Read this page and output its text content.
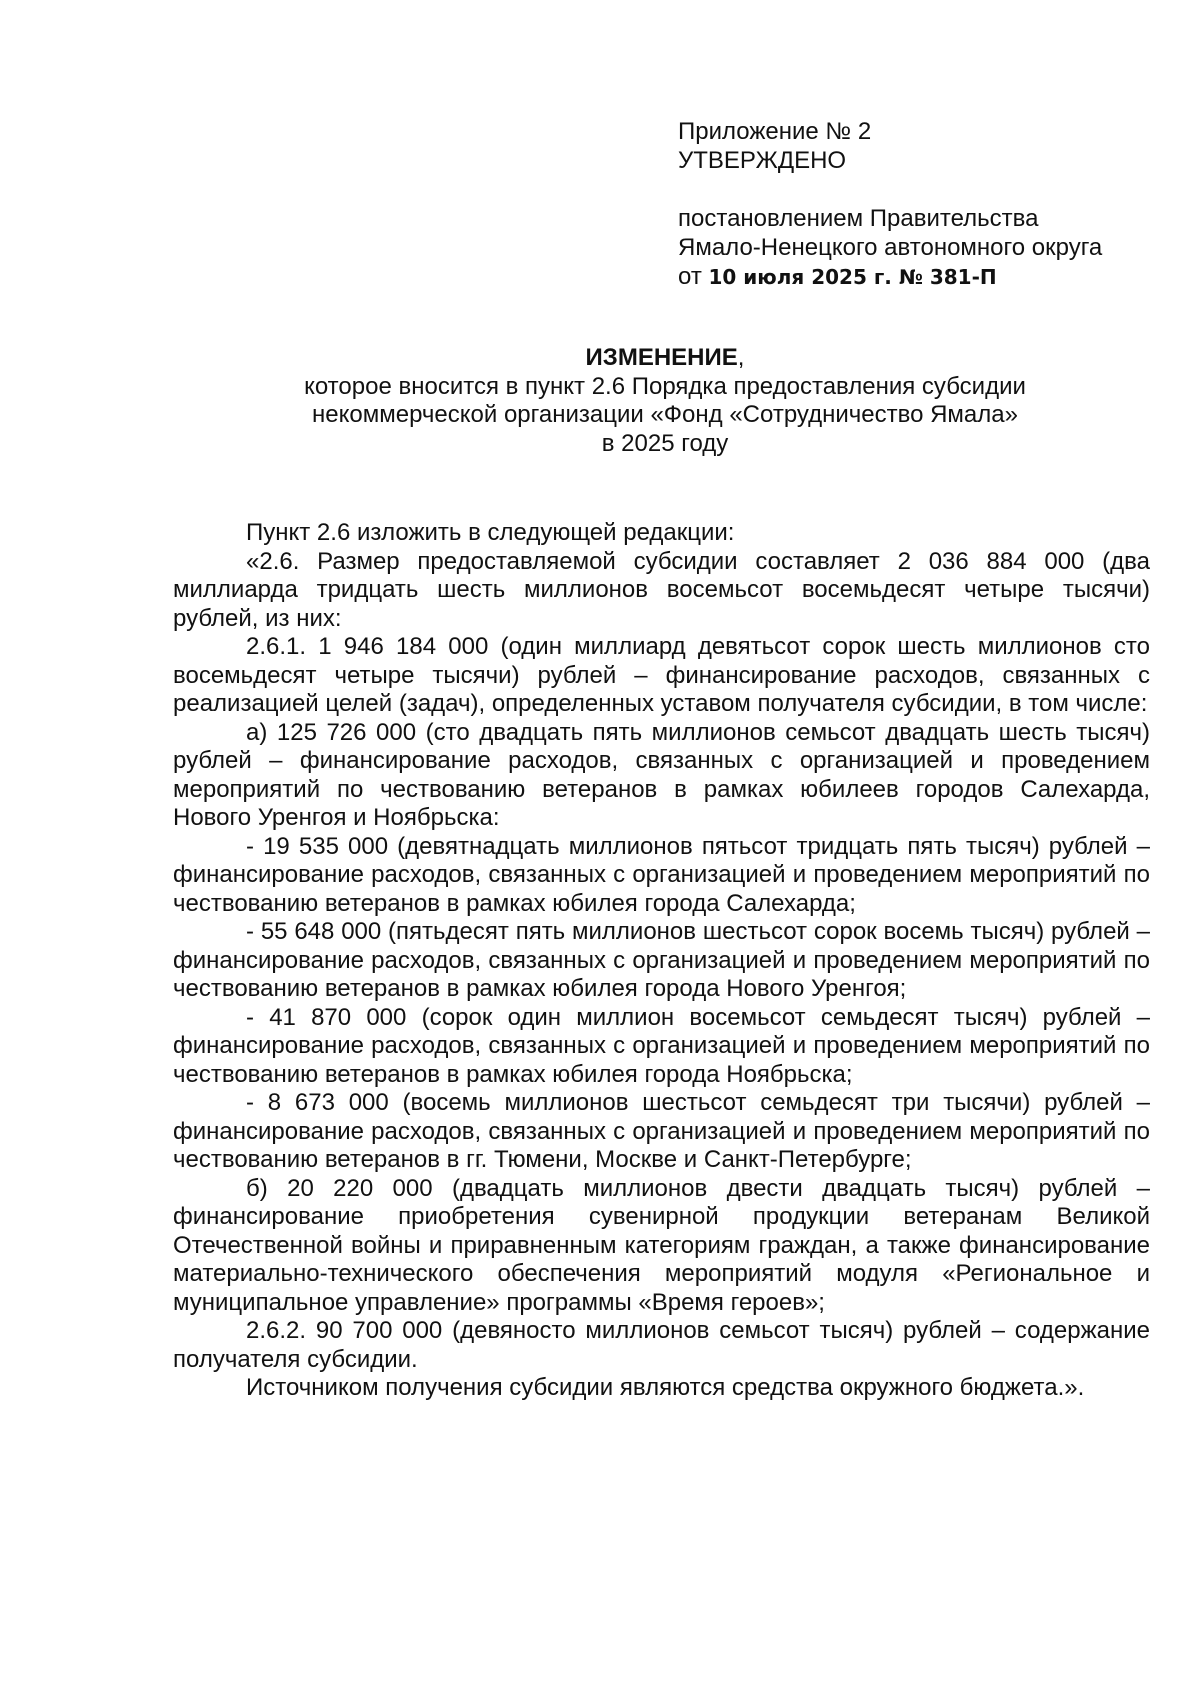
Приложение № 2
УТВЕРЖДЕНО
постановлением Правительства
Ямало-Ненецкого автономного округа
от 10 июля 2025 г. № 381-П
ИЗМЕНЕНИЕ,
которое вносится в пункт 2.6 Порядка предоставления субсидии
некоммерческой организации «Фонд «Сотрудничество Ямала»
в 2025 году

Пункт 2.6 изложить в следующей редакции:

«2.6. Размер предоставляемой субсидии составляет 2 036 884 000 (два миллиарда тридцать шесть миллионов восемьсот восемьдесят четыре тысячи) рублей, из них:

2.6.1. 1 946 184 000 (один миллиард девятьсот сорок шесть миллионов сто восемьдесят четыре тысячи) рублей – финансирование расходов, связанных с реализацией целей (задач), определенных уставом получателя субсидии, в том числе:

а) 125 726 000 (сто двадцать пять миллионов семьсот двадцать шесть тысяч) рублей – финансирование расходов, связанных с организацией и проведением мероприятий по чествованию ветеранов в рамках юбилеев городов Салехарда, Нового Уренгоя и Ноябрьска:

- 19 535 000 (девятнадцать миллионов пятьсот тридцать пять тысяч) рублей – финансирование расходов, связанных с организацией и проведением мероприятий по чествованию ветеранов в рамках юбилея города Салехарда;

- 55 648 000 (пятьдесят пять миллионов шестьсот сорок восемь тысяч) рублей – финансирование расходов, связанных с организацией и проведением мероприятий по чествованию ветеранов в рамках юбилея города Нового Уренгоя;

- 41 870 000 (сорок один миллион восемьсот семьдесят тысяч) рублей – финансирование расходов, связанных с организацией и проведением мероприятий по чествованию ветеранов в рамках юбилея города Ноябрьска;

- 8 673 000 (восемь миллионов шестьсот семьдесят три тысячи) рублей – финансирование расходов, связанных с организацией и проведением мероприятий по чествованию ветеранов в гг. Тюмени, Москве и Санкт-Петербурге;

б) 20 220 000 (двадцать миллионов двести двадцать тысяч) рублей – финансирование приобретения сувенирной продукции ветеранам Великой Отечественной войны и приравненным категориям граждан, а также финансирование материально-технического обеспечения мероприятий модуля «Региональное и муниципальное управление» программы «Время героев»;

2.6.2. 90 700 000 (девяносто миллионов семьсот тысяч) рублей – содержание получателя субсидии.

Источником получения субсидии являются средства окружного бюджета.».
